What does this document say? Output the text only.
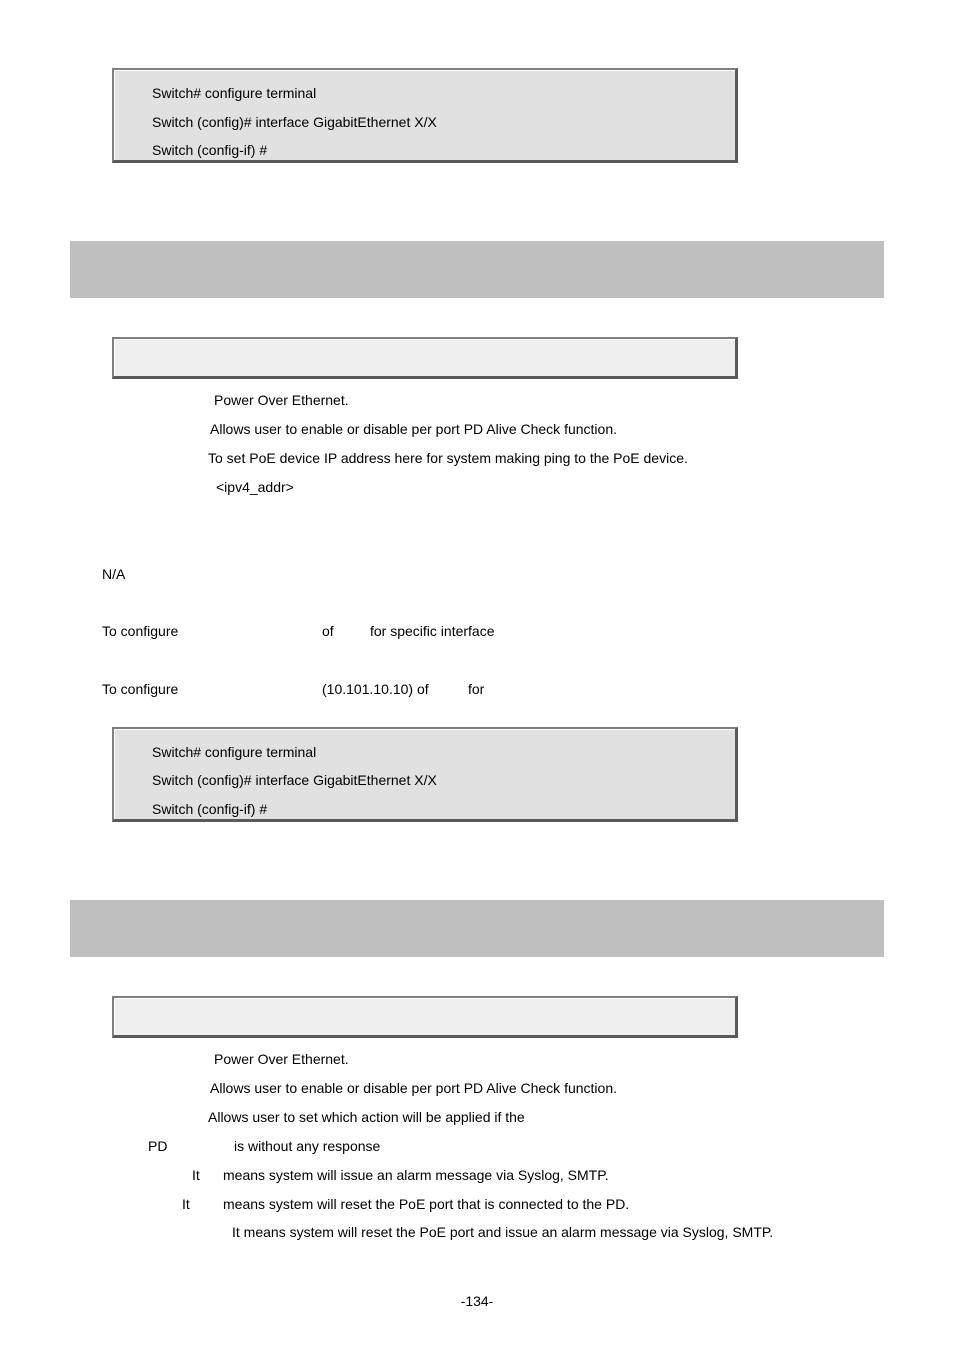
Switch# configure terminal
Switch (config)# interface GigabitEthernet X/X
Switch (config-if) #
Power Over Ethernet.
Allows user to enable or disable per port PD Alive Check function.
To set PoE device IP address here for system making ping to the PoE device.
<ipv4_addr>
N/A
To configure	of	for specific interface
To configure	(10.101.10.10) of	for
Switch# configure terminal
Switch (config)# interface GigabitEthernet X/X
Switch (config-if) #
Power Over Ethernet.
Allows user to enable or disable per port PD Alive Check function.
Allows user to set which action will be applied if the
PD	is without any response
It means system will issue an alarm message via Syslog, SMTP.
It means system will reset the PoE port that is connected to the PD.
It means system will reset the PoE port and issue an alarm message via Syslog, SMTP.
-134-
